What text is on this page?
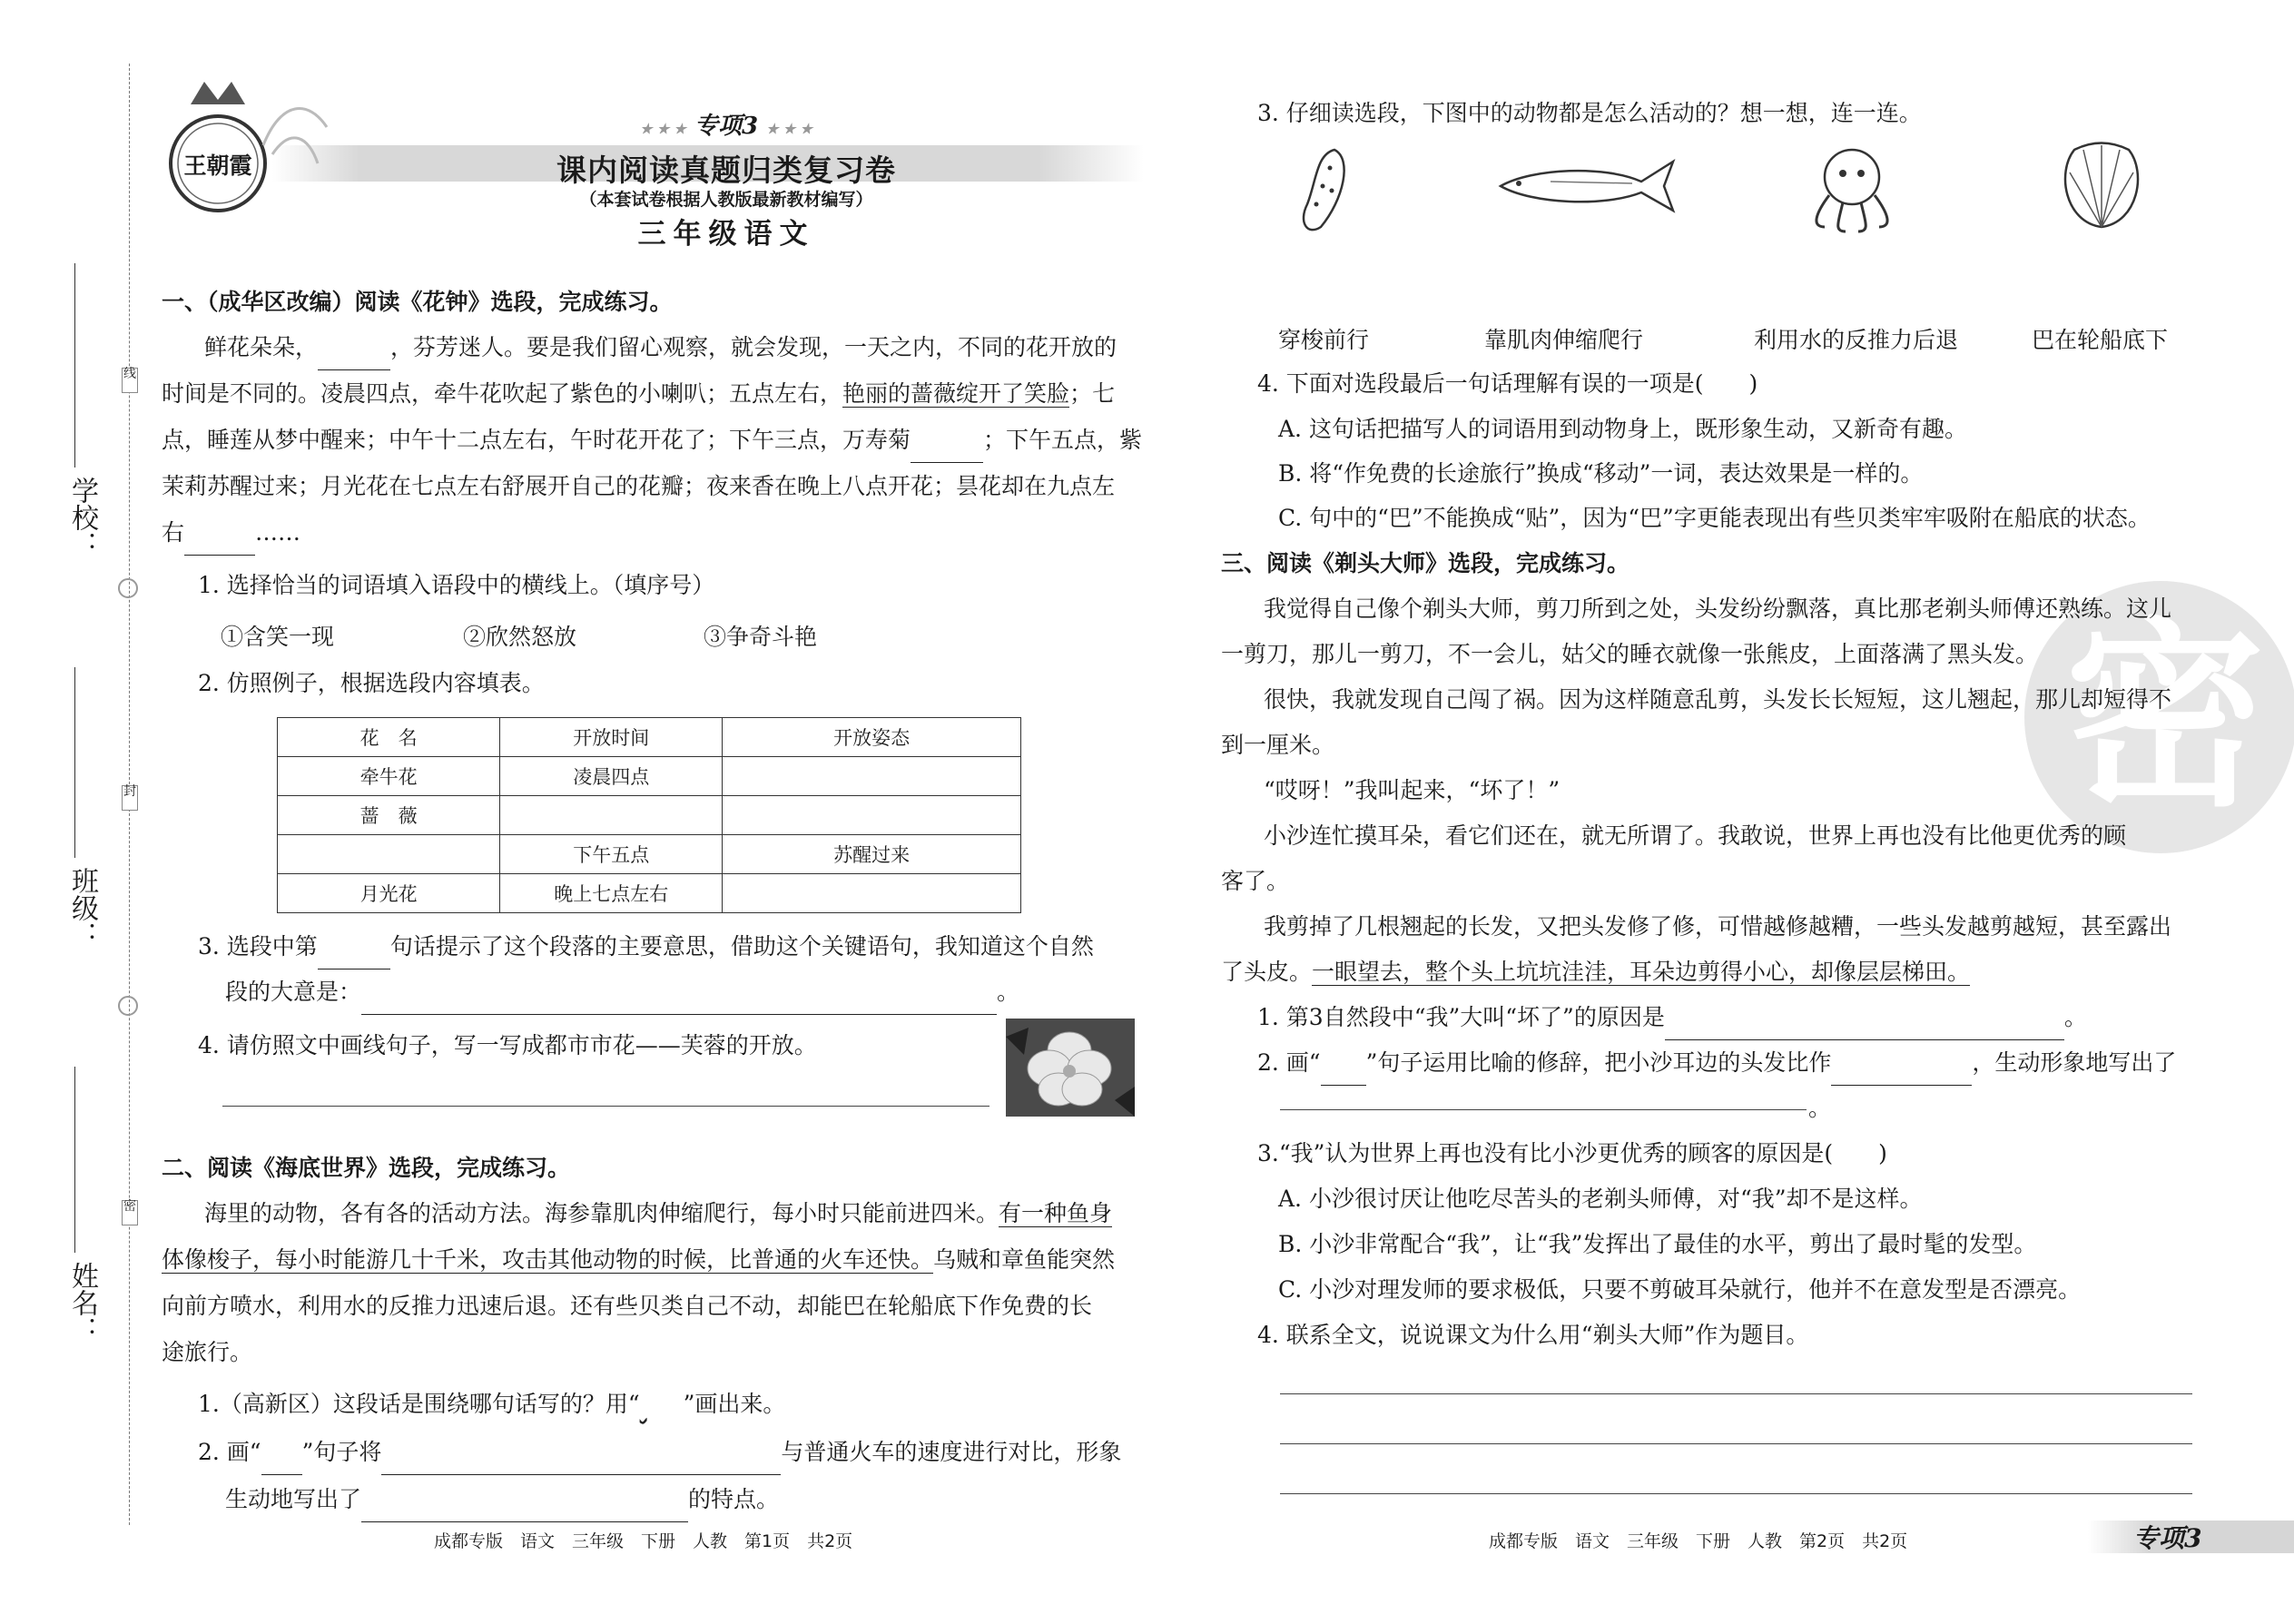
线
封
密
学校：
班级：
姓名：
王朝霞
★ ★ ★ 专项3 ★ ★ ★
课内阅读真题归类复习卷
（本套试卷根据人教版最新教材编写）
三年级语文
一、（成华区改编）阅读《花钟》选段，完成练习。
鲜花朵朵，	，芬芳迷人。要是我们留心观察，就会发现，一天之内，不同的花开放的
时间是不同的。凌晨四点，牵牛花吹起了紫色的小喇叭；五点左右，艳丽的蔷薇绽开了笑脸；七
点，睡莲从梦中醒来；中午十二点左右，午时花开花了；下午三点，万寿菊	；下午五点，紫
茉莉苏醒过来；月光花在七点左右舒展开自己的花瓣；夜来香在晚上八点开花；昙花却在九点左
右	……
1. 选择恰当的词语填入语段中的横线上。（填序号）
①含笑一现	②欣然怒放	③争奇斗艳
2. 仿照例子，根据选段内容填表。
花　名	开放时间	开放姿态
牵牛花	凌晨四点	
蔷　薇		
	下午五点	苏醒过来
月光花	晚上七点左右	
3. 选段中第	句话提示了这个段落的主要意思，借助这个关键语句，我知道这个自然
段的大意是：	。
4. 请仿照文中画线句子，写一写成都市市花——芙蓉的开放。
二、阅读《海底世界》选段，完成练习。
海里的动物，各有各的活动方法。海参靠肌肉伸缩爬行，每小时只能前进四米。有一种鱼身
体像梭子，每小时能游几十千米，攻击其他动物的时候，比普通的火车还快。乌贼和章鱼能突然
向前方喷水，利用水的反推力迅速后退。还有些贝类自己不动，却能巴在轮船底下作免费的长
途旅行。
1.（高新区）这段话是围绕哪句话写的？用“ ”画出来。
2. 画“ ”句子将	与普通火车的速度进行对比，形象
生动地写出了	的特点。
成都专版　语文　三年级　下册　人教　第1页　共2页
3. 仔细读选段，下图中的动物都是怎么活动的？想一想，连一连。
穿梭前行	靠肌肉伸缩爬行	利用水的反推力后退	巴在轮船底下
4. 下面对选段最后一句话理解有误的一项是(　　)
A. 这句话把描写人的词语用到动物身上，既形象生动，又新奇有趣。
B. 将“作免费的长途旅行”换成“移动”一词，表达效果是一样的。
C. 句中的“巴”不能换成“贴”，因为“巴”字更能表现出有些贝类牢牢吸附在船底的状态。
密
三、阅读《剃头大师》选段，完成练习。
我觉得自己像个剃头大师，剪刀所到之处，头发纷纷飘落，真比那老剃头师傅还熟练。这儿
一剪刀，那儿一剪刀，不一会儿，姑父的睡衣就像一张熊皮，上面落满了黑头发。
很快，我就发现自己闯了祸。因为这样随意乱剪，头发长长短短，这儿翘起，那儿却短得不
到一厘米。
“哎呀！”我叫起来，“坏了！”
小沙连忙摸耳朵，看它们还在，就无所谓了。我敢说，世界上再也没有比他更优秀的顾
客了。
我剪掉了几根翘起的长发，又把头发修了修，可惜越修越糟，一些头发越剪越短，甚至露出
了头皮。一眼望去，整个头上坑坑洼洼，耳朵边剪得小心，却像层层梯田。
1. 第3自然段中“我”大叫“坏了”的原因是	。
2. 画“ ”句子运用比喻的修辞，把小沙耳边的头发比作	，生动形象地写出了
。
3.“我”认为世界上再也没有比小沙更优秀的顾客的原因是(　　)
A. 小沙很讨厌让他吃尽苦头的老剃头师傅，对“我”却不是这样。
B. 小沙非常配合“我”，让“我”发挥出了最佳的水平，剪出了最时髦的发型。
C. 小沙对理发师的要求极低，只要不剪破耳朵就行，他并不在意发型是否漂亮。
4. 联系全文，说说课文为什么用“剃头大师”作为题目。
成都专版　语文　三年级　下册　人教　第2页　共2页	专项3
